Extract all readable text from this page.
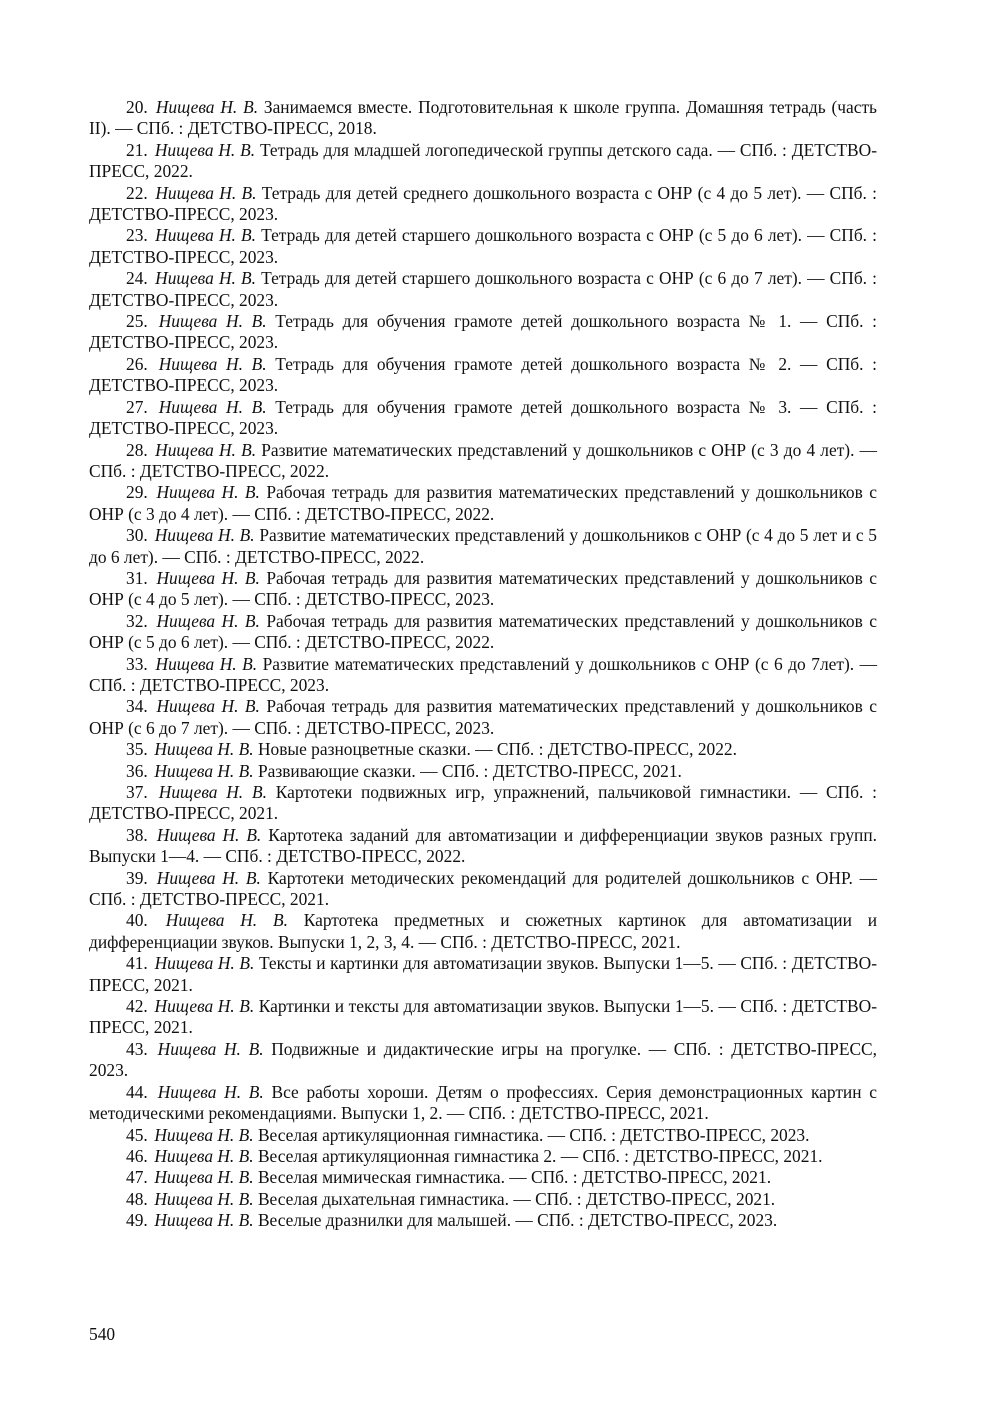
20. Нищева Н. В. Занимаемся вместе. Подготовительная к школе группа. Домашняя тетрадь (часть II). — СПб. : ДЕТСТВО-ПРЕСС, 2018.

21. Нищева Н. В. Тетрадь для младшей логопедической группы детского сада. — СПб. : ДЕТСТВО-ПРЕСС, 2022.

22. Нищева Н. В. Тетрадь для детей среднего дошкольного возраста с ОНР (с 4 до 5 лет). — СПб. : ДЕТСТВО-ПРЕСС, 2023.

23. Нищева Н. В. Тетрадь для детей старшего дошкольного возраста с ОНР (с 5 до 6 лет). — СПб. : ДЕТСТВО-ПРЕСС, 2023.

24. Нищева Н. В. Тетрадь для детей старшего дошкольного возраста с ОНР (с 6 до 7 лет). — СПб. : ДЕТСТВО-ПРЕСС, 2023.

25. Нищева Н. В. Тетрадь для обучения грамоте детей дошкольного возраста № 1. — СПб. : ДЕТСТВО-ПРЕСС, 2023.

26. Нищева Н. В. Тетрадь для обучения грамоте детей дошкольного возраста № 2. — СПб. : ДЕТСТВО-ПРЕСС, 2023.

27. Нищева Н. В. Тетрадь для обучения грамоте детей дошкольного возраста № 3. — СПб. : ДЕТСТВО-ПРЕСС, 2023.

28. Нищева Н. В. Развитие математических представлений у дошкольников с ОНР (с 3 до 4 лет). — СПб. : ДЕТСТВО-ПРЕСС, 2022.

29. Нищева Н. В. Рабочая тетрадь для развития математических представлений у дошкольников с ОНР (с 3 до 4 лет). — СПб. : ДЕТСТВО-ПРЕСС, 2022.

30. Нищева Н. В. Развитие математических представлений у дошкольников с ОНР (с 4 до 5 лет и с 5 до 6 лет). — СПб. : ДЕТСТВО-ПРЕСС, 2022.

31. Нищева Н. В. Рабочая тетрадь для развития математических представлений у дошкольников с ОНР (с 4 до 5 лет). — СПб. : ДЕТСТВО-ПРЕСС, 2023.

32. Нищева Н. В. Рабочая тетрадь для развития математических представлений у дошкольников с ОНР (с 5 до 6 лет). — СПб. : ДЕТСТВО-ПРЕСС, 2022.

33. Нищева Н. В. Развитие математических представлений у дошкольников с ОНР (с 6 до 7лет). — СПб. : ДЕТСТВО-ПРЕСС, 2023.

34. Нищева Н. В. Рабочая тетрадь для развития математических представлений у дошкольников с ОНР (с 6 до 7 лет). — СПб. : ДЕТСТВО-ПРЕСС, 2023.

35. Нищева Н. В. Новые разноцветные сказки. — СПб. : ДЕТСТВО-ПРЕСС, 2022.

36. Нищева Н. В. Развивающие сказки. — СПб. : ДЕТСТВО-ПРЕСС, 2021.

37. Нищева Н. В. Картотеки подвижных игр, упражнений, пальчиковой гимнастики. — СПб. : ДЕТСТВО-ПРЕСС, 2021.

38. Нищева Н. В. Картотека заданий для автоматизации и дифференциации звуков разных групп. Выпуски 1—4. — СПб. : ДЕТСТВО-ПРЕСС, 2022.

39. Нищева Н. В. Картотеки методических рекомендаций для родителей дошкольников с ОНР. — СПб. : ДЕТСТВО-ПРЕСС, 2021.

40. Нищева Н. В. Картотека предметных и сюжетных картинок для автоматизации и дифференциации звуков. Выпуски 1, 2, 3, 4. — СПб. : ДЕТСТВО-ПРЕСС, 2021.

41. Нищева Н. В. Тексты и картинки для автоматизации звуков. Выпуски 1—5. — СПб. : ДЕТСТВО-ПРЕСС, 2021.

42. Нищева Н. В. Картинки и тексты для автоматизации звуков. Выпуски 1—5. — СПб. : ДЕТСТВО-ПРЕСС, 2021.

43. Нищева Н. В. Подвижные и дидактические игры на прогулке. — СПб. : ДЕТСТВО-ПРЕСС, 2023.

44. Нищева Н. В. Все работы хороши. Детям о профессиях. Серия демонстрационных картин с методическими рекомендациями. Выпуски 1, 2. — СПб. : ДЕТСТВО-ПРЕСС, 2021.

45. Нищева Н. В. Веселая артикуляционная гимнастика. — СПб. : ДЕТСТВО-ПРЕСС, 2023.

46. Нищева Н. В. Веселая артикуляционная гимнастика 2. — СПб. : ДЕТСТВО-ПРЕСС, 2021.

47. Нищева Н. В. Веселая мимическая гимнастика. — СПб. : ДЕТСТВО-ПРЕСС, 2021.

48. Нищева Н. В. Веселая дыхательная гимнастика. — СПб. : ДЕТСТВО-ПРЕСС, 2021.

49. Нищева Н. В. Веселые дразнилки для малышей. — СПб. : ДЕТСТВО-ПРЕСС, 2023.

540
